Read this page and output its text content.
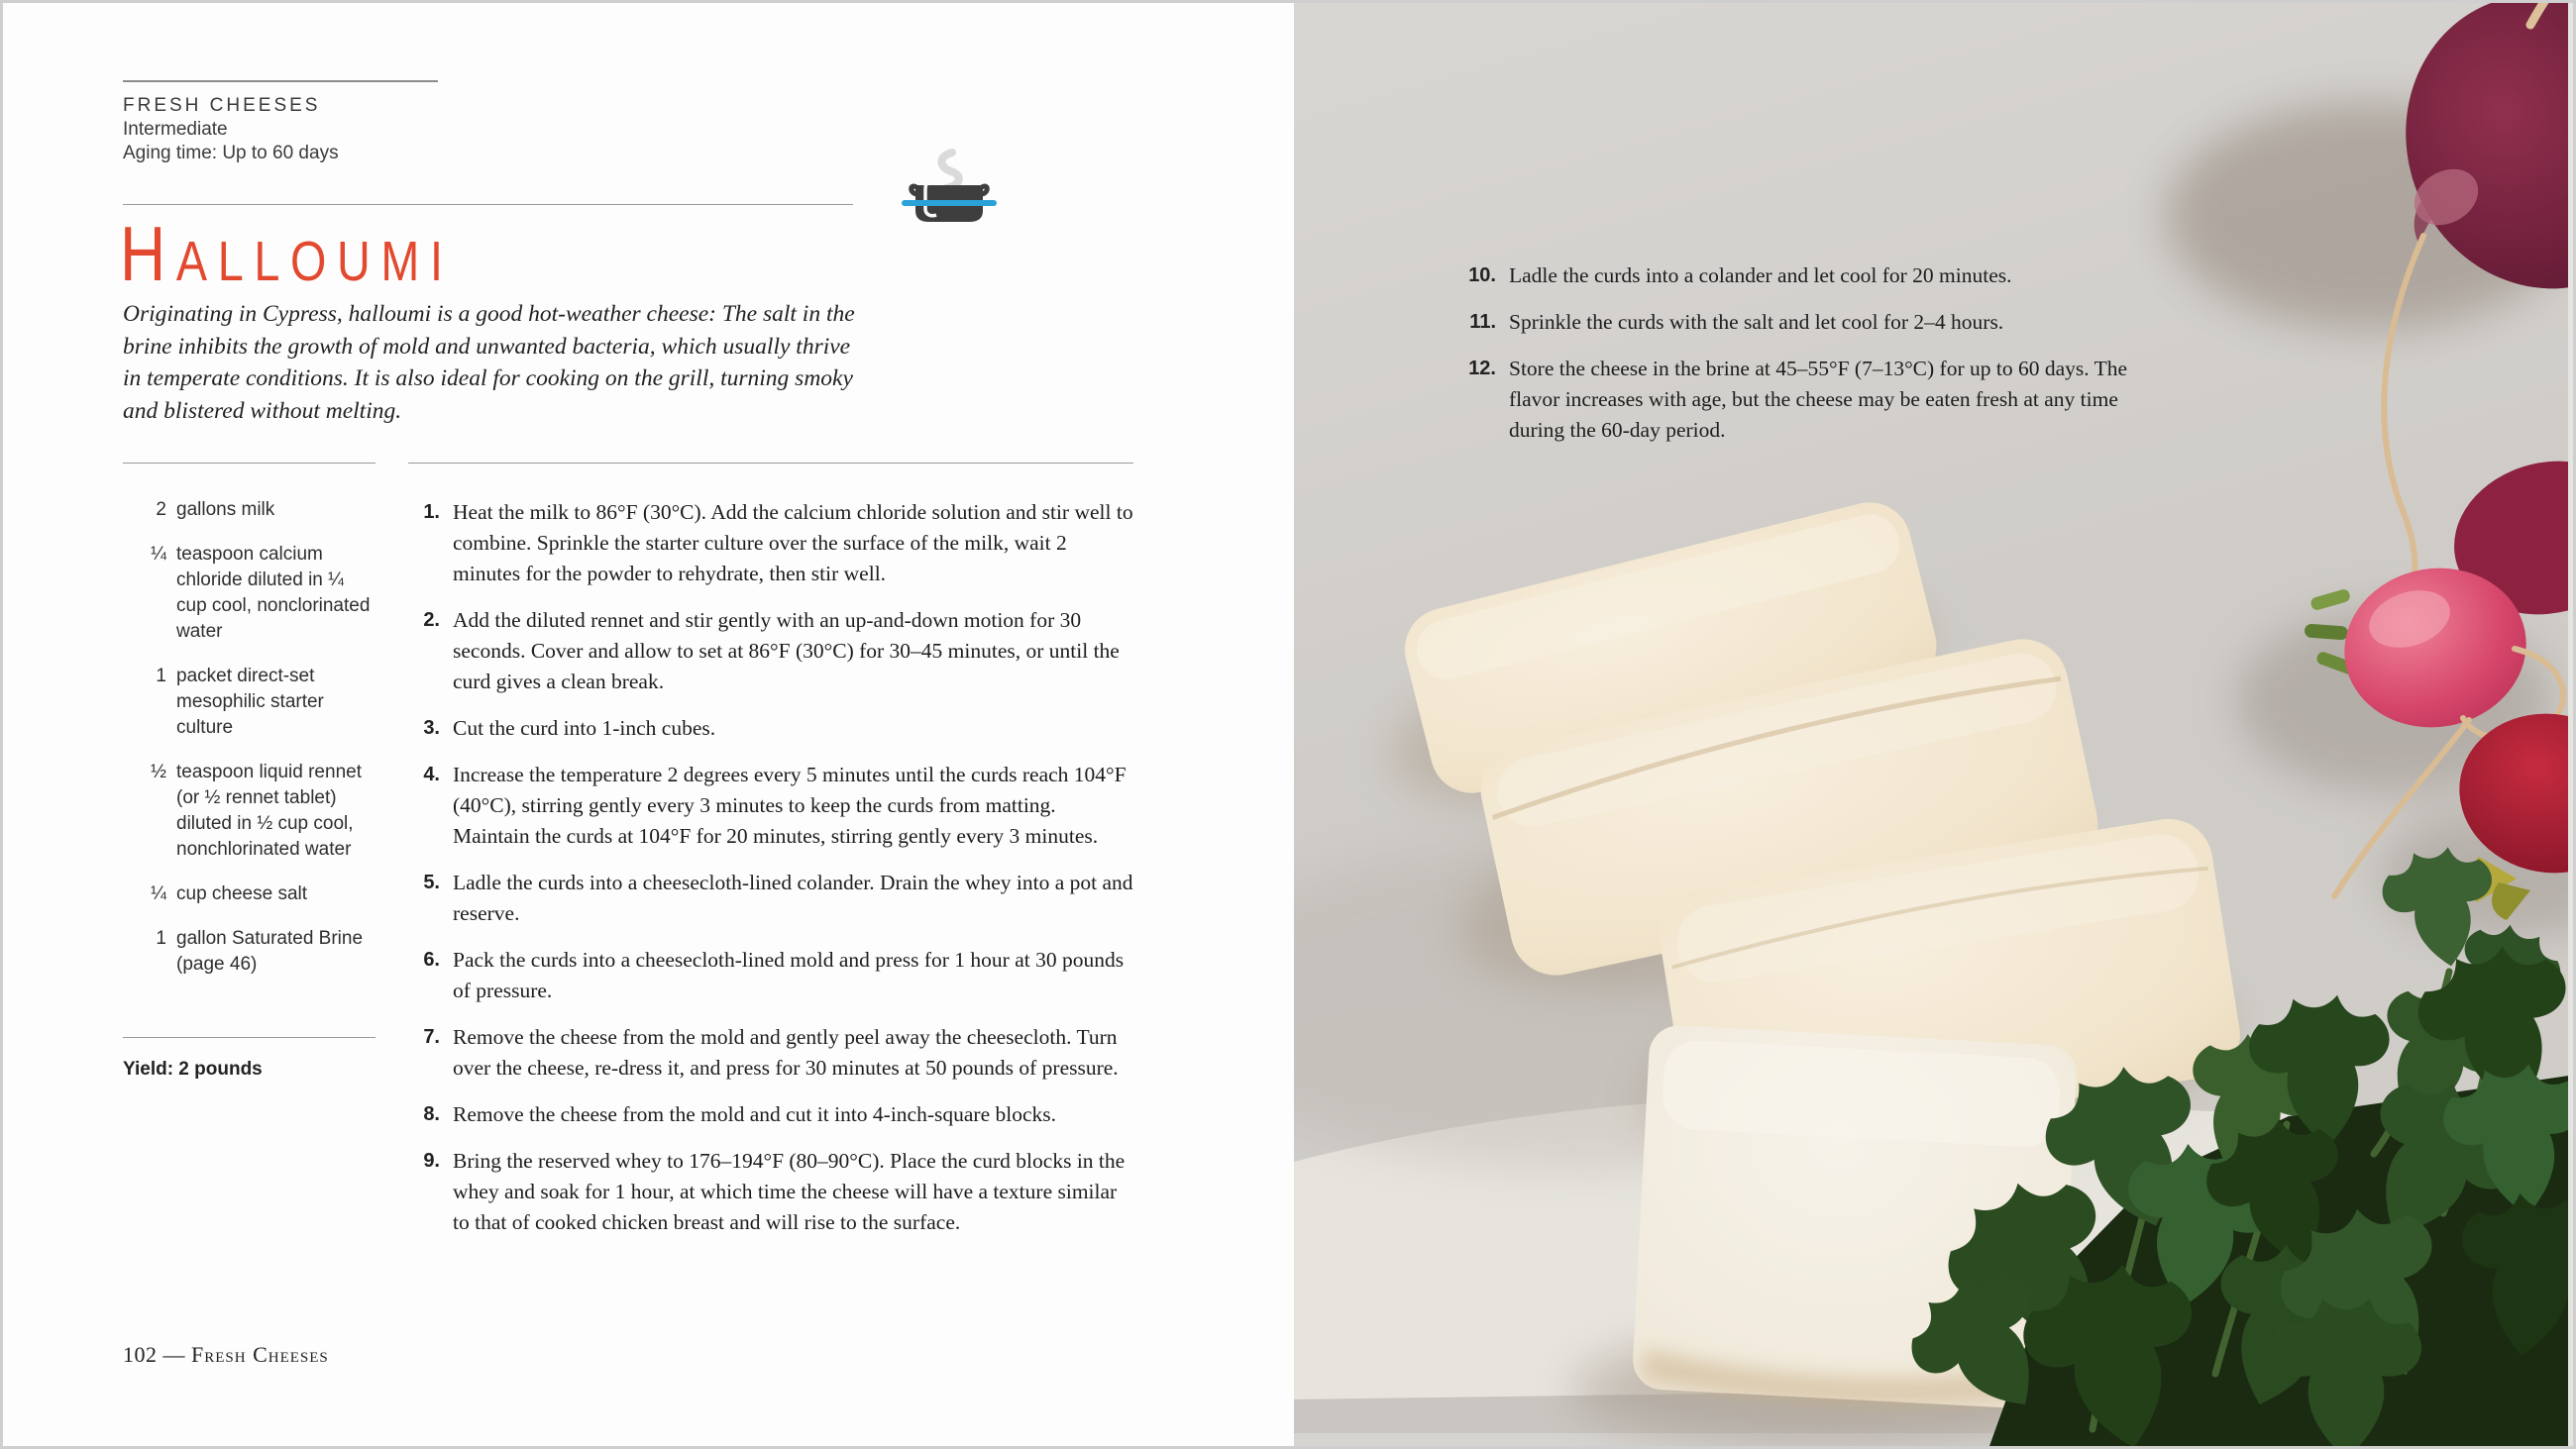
FRESH CHEESES
Intermediate
Aging time: Up to 60 days
HALLOUMI
Originating in Cypress, halloumi is a good hot-weather cheese: The salt in the brine inhibits the growth of mold and unwanted bacteria, which usually thrive in temperate conditions. It is also ideal for cooking on the grill, turning smoky and blistered without melting.
2 gallons milk
¼ teaspoon calcium chloride diluted in ¼ cup cool, nonclorinated water
1 packet direct-set mesophilic starter culture
½ teaspoon liquid rennet (or ½ rennet tablet) diluted in ½ cup cool, nonchlorinated water
¼ cup cheese salt
1 gallon Saturated Brine (page 46)
Yield: 2 pounds
1. Heat the milk to 86°F (30°C). Add the calcium chloride solution and stir well to combine. Sprinkle the starter culture over the surface of the milk, wait 2 minutes for the powder to rehydrate, then stir well.
2. Add the diluted rennet and stir gently with an up-and-down motion for 30 seconds. Cover and allow to set at 86°F (30°C) for 30–45 minutes, or until the curd gives a clean break.
3. Cut the curd into 1-inch cubes.
4. Increase the temperature 2 degrees every 5 minutes until the curds reach 104°F (40°C), stirring gently every 3 minutes to keep the curds from matting. Maintain the curds at 104°F for 20 minutes, stirring gently every 3 minutes.
5. Ladle the curds into a cheesecloth-lined colander. Drain the whey into a pot and reserve.
6. Pack the curds into a cheesecloth-lined mold and press for 1 hour at 30 pounds of pressure.
7. Remove the cheese from the mold and gently peel away the cheesecloth. Turn over the cheese, re-dress it, and press for 30 minutes at 50 pounds of pressure.
8. Remove the cheese from the mold and cut it into 4-inch-square blocks.
9. Bring the reserved whey to 176–194°F (80–90°C). Place the curd blocks in the whey and soak for 1 hour, at which time the cheese will have a texture similar to that of cooked chicken breast and will rise to the surface.
102 — Fresh Cheeses
10. Ladle the curds into a colander and let cool for 20 minutes.
11. Sprinkle the curds with the salt and let cool for 2–4 hours.
12. Store the cheese in the brine at 45–55°F (7–13°C) for up to 60 days. The flavor increases with age, but the cheese may be eaten fresh at any time during the 60-day period.
